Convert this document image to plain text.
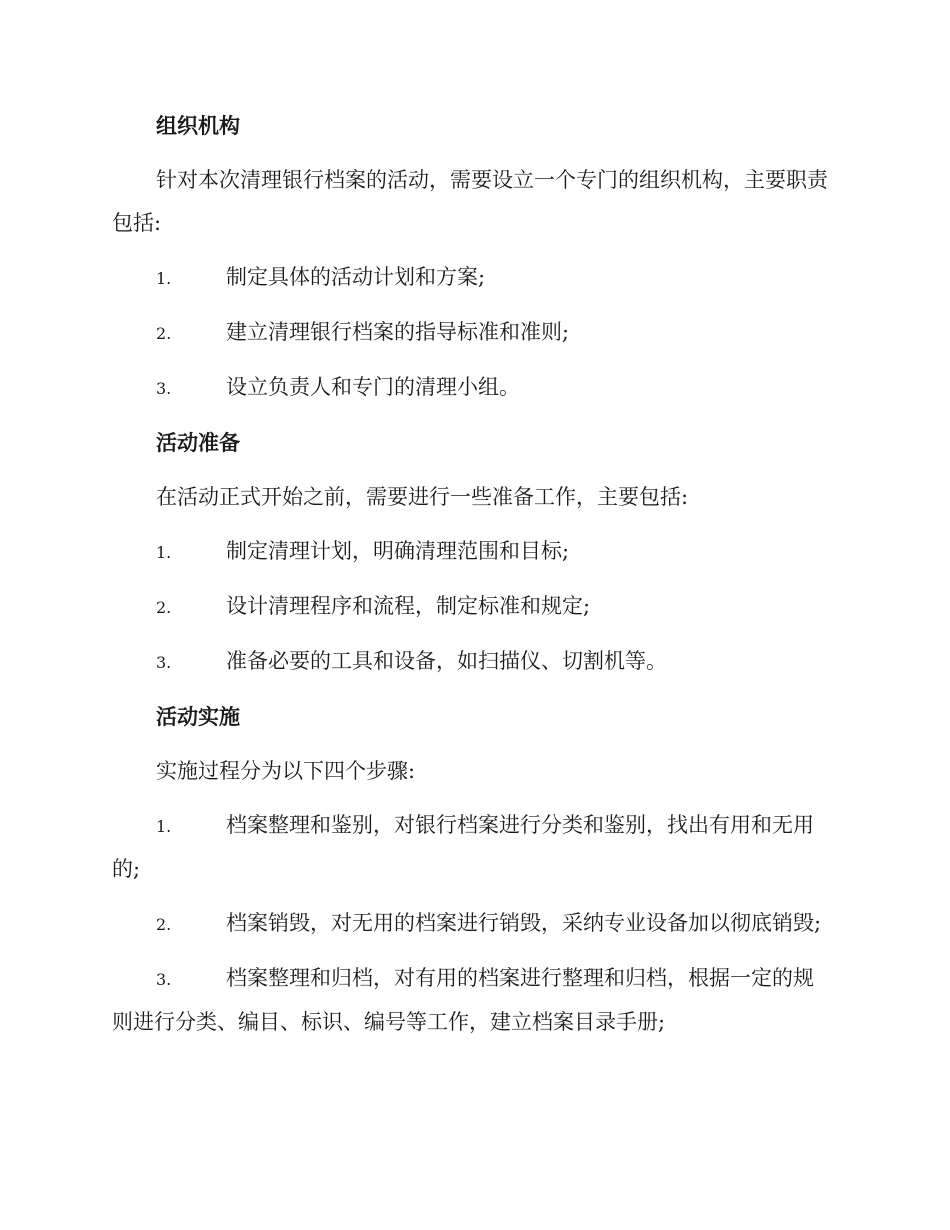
组织机构

针对本次清理银行档案的活动，需要设立一个专门的组织机构，主要职责包括:

1.	制定具体的活动计划和方案;
2.	建立清理银行档案的指导标准和准则;
3.	设立负责人和专门的清理小组。
活动准备

在活动正式开始之前，需要进行一些准备工作，主要包括:

1.	制定清理计划，明确清理范围和目标;
2.	设计清理程序和流程，制定标准和规定;
3.	准备必要的工具和设备，如扫描仪、切割机等。
活动实施

实施过程分为以下四个步骤:

1.	档案整理和鉴别，对银行档案进行分类和鉴别，找出有用和无用的;
2.	档案销毁，对无用的档案进行销毁，采纳专业设备加以彻底销毁;
3.	档案整理和归档，对有用的档案进行整理和归档，根据一定的规则进行分类、编目、标识、编号等工作，建立档案目录手册;
